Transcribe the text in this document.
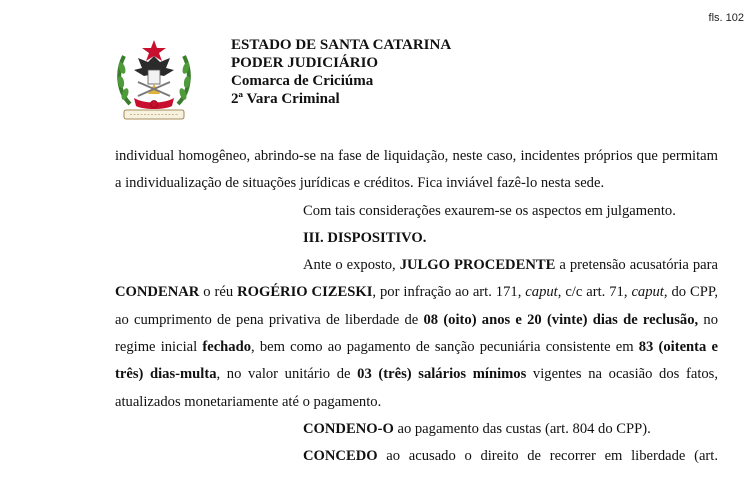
fls. 102
ESTADO DE SANTA CATARINA
PODER JUDICIÁRIO
Comarca de Criciúma
2ª Vara Criminal

individual homogêneo, abrindo-se na fase de liquidação, neste caso, incidentes próprios que permitam a individualização de situações jurídicas e créditos. Fica inviável fazê-lo nesta sede.

Com tais considerações exaurem-se os aspectos em julgamento.

III. DISPOSITIVO.

Ante o exposto, JULGO PROCEDENTE a pretensão acusatória para CONDENAR o réu ROGÉRIO CIZESKI, por infração ao art. 171, caput, c/c art. 71, caput, do CPP, ao cumprimento de pena privativa de liberdade de 08 (oito) anos e 20 (vinte) dias de reclusão, no regime inicial fechado, bem como ao pagamento de sanção pecuniária consistente em 83 (oitenta e três) dias-multa, no valor unitário de 03 (três) salários mínimos vigentes na ocasião dos fatos, atualizados monetariamente até o pagamento.

CONDENO-O ao pagamento das custas (art. 804 do CPP).

CONCEDO ao acusado o direito de recorrer em liberdade (art.
